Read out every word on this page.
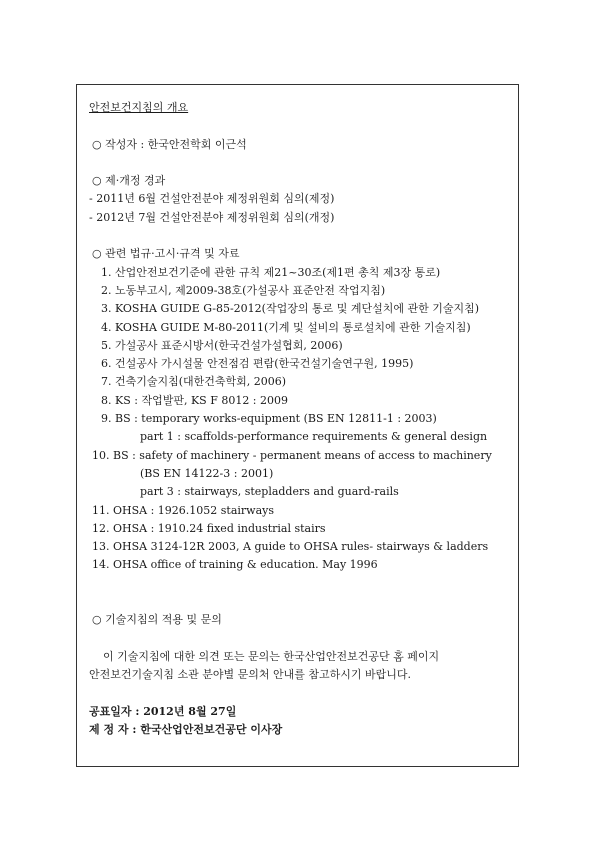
안전보건지침의 개요
○ 작성자 : 한국안전학회 이근석
○ 제·개정 경과
- 2011년 6월 건설안전분야 제정위원회 심의(제정)
- 2012년 7월 건설안전분야 제정위원회 심의(개정)
○ 관련 법규·고시·규격 및 자료
1. 산업안전보건기준에 관한 규칙 제21~30조(제1편 총칙 제3장 통로)
2. 노동부고시, 제2009-38호(가설공사 표준안전 작업지침)
3. KOSHA GUIDE G-85-2012(작업장의 통로 및 계단설치에 관한 기술지침)
4. KOSHA GUIDE M-80-2011(기계 및 설비의 통로설치에 관한 기술지침)
5. 가설공사 표준시방서(한국건설가설협회, 2006)
6. 건설공사 가시설물 안전점검 편람(한국건설기술연구원, 1995)
7. 건축기술지침(대한건축학회, 2006)
8. KS : 작업발판, KS F 8012 : 2009
9. BS : temporary works-equipment (BS EN 12811-1 : 2003)
part 1 : scaffolds-performance requirements & general design
10. BS : safety of machinery - permanent means of access to machinery
(BS EN 14122-3 : 2001)
part 3 : stairways, stepladders and guard-rails
11. OHSA : 1926.1052 stairways
12. OHSA : 1910.24 fixed industrial stairs
13. OHSA 3124-12R 2003, A guide to OHSA rules- stairways & ladders
14. OHSA office of training & education. May 1996
○ 기술지침의 적용 및 문의
이 기술지침에 대한 의견 또는 문의는 한국산업안전보건공단 홈 페이지
안전보건기술지침 소관 분야별 문의처 안내를 참고하시기 바랍니다.
공표일자 : 2012년 8월 27일
제 정 자 : 한국산업안전보건공단 이사장
